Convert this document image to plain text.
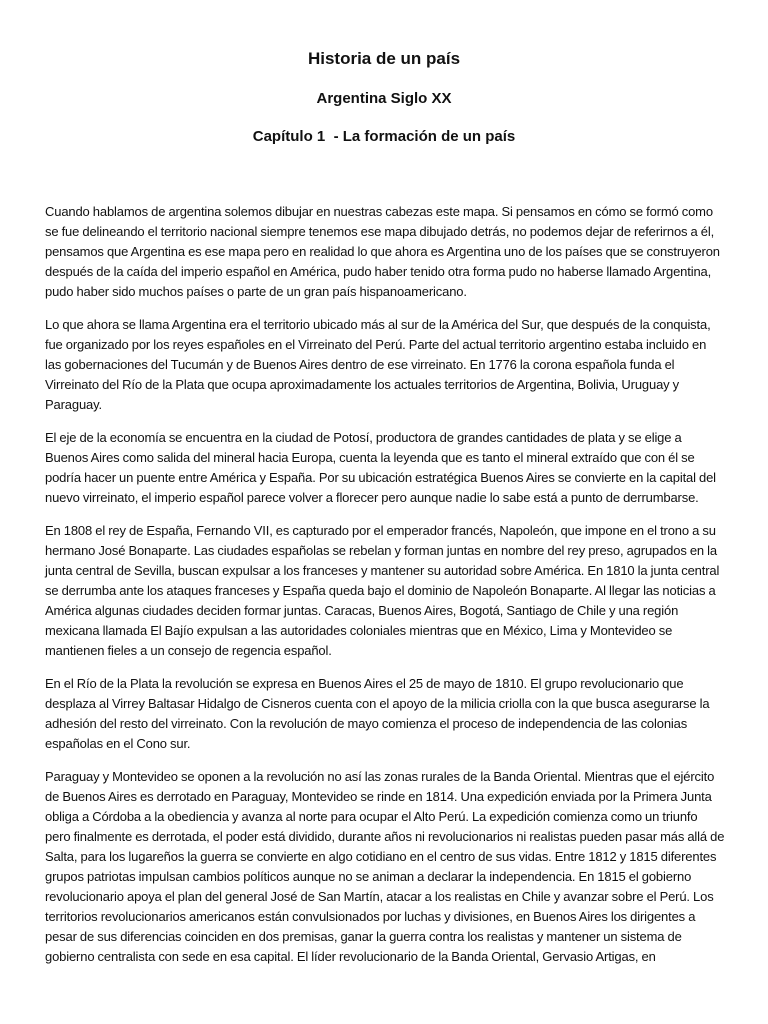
Historia de un país
Argentina Siglo XX
Capítulo 1  - La formación de un país

Cuando hablamos de argentina solemos dibujar en nuestras cabezas este mapa. Si pensamos en cómo se formó como se fue delineando el territorio nacional siempre tenemos ese mapa dibujado detrás, no podemos dejar de referirnos a él, pensamos que Argentina es ese mapa pero en realidad lo que ahora es Argentina uno de los países que se construyeron después de la caída del imperio español en América, pudo haber tenido otra forma pudo no haberse llamado Argentina, pudo haber sido muchos países o parte de un gran país hispanoamericano.

Lo que ahora se llama Argentina era el territorio ubicado más al sur de la América del Sur, que después de la conquista, fue organizado por los reyes españoles en el Virreinato del Perú. Parte del actual territorio argentino estaba incluido en las gobernaciones del Tucumán y de Buenos Aires dentro de ese virreinato. En 1776 la corona española funda el Virreinato del Río de la Plata que ocupa aproximadamente los actuales territorios de Argentina, Bolivia, Uruguay y Paraguay.

El eje de la economía se encuentra en la ciudad de Potosí, productora de grandes cantidades de plata y se elige a Buenos Aires como salida del mineral hacia Europa, cuenta la leyenda que es tanto el mineral extraído que con él se podría hacer un puente entre América y España. Por su ubicación estratégica Buenos Aires se convierte en la capital del nuevo virreinato, el imperio español parece volver a florecer pero aunque nadie lo sabe está a punto de derrumbarse.

En 1808 el rey de España, Fernando VII, es capturado por el emperador francés, Napoleón, que impone en el trono a su hermano José Bonaparte. Las ciudades españolas se rebelan y forman juntas en nombre del rey preso, agrupados en la junta central de Sevilla, buscan expulsar a los franceses y mantener su autoridad sobre América. En 1810 la junta central se derrumba ante los ataques franceses y España queda bajo el dominio de Napoleón Bonaparte. Al llegar las noticias a América algunas ciudades deciden formar juntas. Caracas, Buenos Aires, Bogotá, Santiago de Chile y una región mexicana llamada El Bajío expulsan a las autoridades coloniales mientras que en México, Lima y Montevideo se mantienen fieles a un consejo de regencia español.

En el Río de la Plata la revolución se expresa en Buenos Aires el 25 de mayo de 1810. El grupo revolucionario que desplaza al Virrey Baltasar Hidalgo de Cisneros cuenta con el apoyo de la milicia criolla con la que busca asegurarse la adhesión del resto del virreinato. Con la revolución de mayo comienza el proceso de independencia de las colonias españolas en el Cono sur.

Paraguay y Montevideo se oponen a la revolución no así las zonas rurales de la Banda Oriental. Mientras que el ejército de Buenos Aires es derrotado en Paraguay, Montevideo se rinde en 1814. Una expedición enviada por la Primera Junta obliga a Córdoba a la obediencia y avanza al norte para ocupar el Alto Perú. La expedición comienza como un triunfo pero finalmente es derrotada, el poder está dividido, durante años ni revolucionarios ni realistas pueden pasar más allá de Salta, para los lugareños la guerra se convierte en algo cotidiano en el centro de sus vidas. Entre 1812 y 1815 diferentes grupos patriotas impulsan cambios políticos aunque no se animan a declarar la independencia. En 1815 el gobierno revolucionario apoya el plan del general José de San Martín, atacar a los realistas en Chile y avanzar sobre el Perú. Los territorios revolucionarios americanos están convulsionados por luchas y divisiones, en Buenos Aires los dirigentes a pesar de sus diferencias coinciden en dos premisas, ganar la guerra contra los realistas y mantener un sistema de gobierno centralista con sede en esa capital. El líder revolucionario de la Banda Oriental, Gervasio Artigas, en
